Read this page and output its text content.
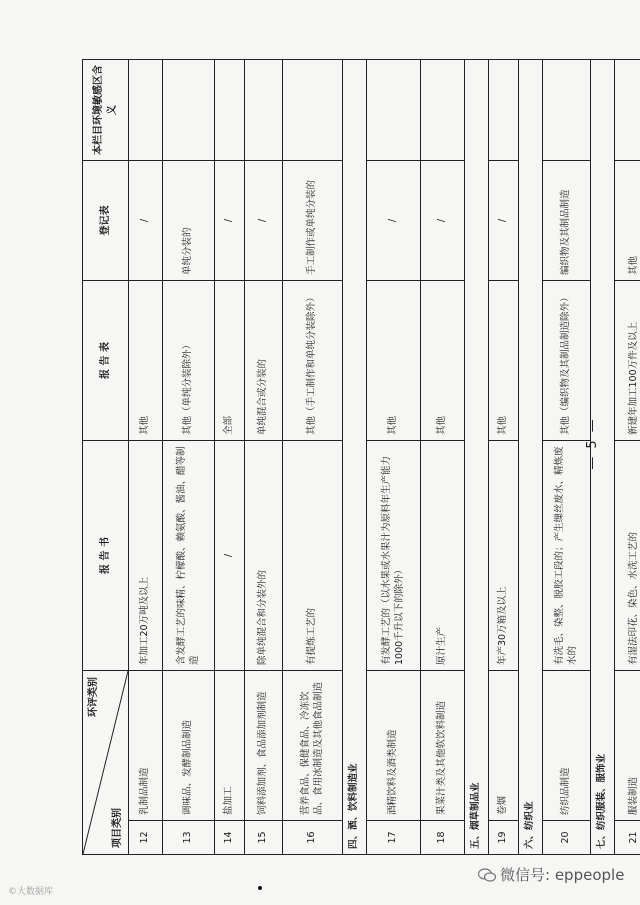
环评类别
项目类别		报 告 书	报 告 表	登记表	本栏目环境敏感区含义
12	乳制品制造	年加工20万吨及以上	其他	/	
13	调味品、发酵制品制造	含发酵工艺的味精、柠檬酸、赖氨酸、酱油、醋等制造	其他（单纯分装除外）	单纯分装的	
14	盐加工	/	全部	/	
15	饲料添加剂、食品添加剂制造	除单纯混合和分装外的	单纯混合或分装的	/	
16	营养食品、保健食品、冷冻饮品、食用冰制造及其他食品制造	有提炼工艺的	其他（手工制作和单纯分装除外）	手工制作或单纯分装的	
四、酒、饮料制造业					
17	酒精饮料及酒类制造	有发酵工艺的（以水果或水果汁为原料年生产能力1000千升以下的除外）	其他	/	
18	果菜汁类及其他软饮料制造	原汁生产	其他	/	
五、烟草制品业					
19	卷烟	年产30万箱及以上	其他	/	
六、纺织业					
20	纺织品制造	有洗毛、染整、脱胶工段的；产生缫丝废水、精炼废水的	其他（编织物及其制品制造除外）	编织物及其制品制造	
七、纺织服装、服饰业					
21	服装制造	有湿法印花、染色、水洗工艺的	新建年加工100万件及以上	其他	
— 5 —
©大数据库
微信号: eppeople
